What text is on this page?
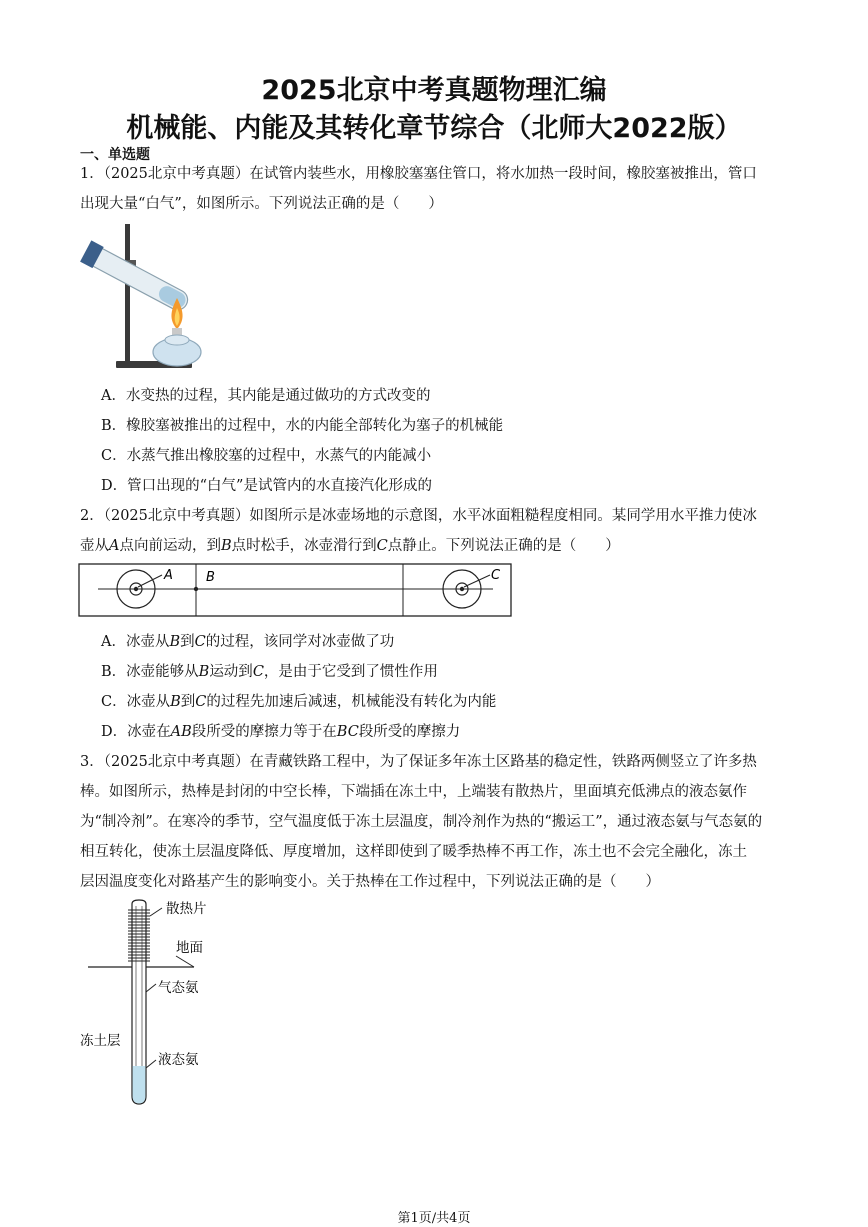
2025北京中考真题物理汇编
机械能、内能及其转化章节综合（北师大2022版）
一、单选题
1．（2025北京中考真题）在试管内装些水，用橡胶塞塞住管口，将水加热一段时间，橡胶塞被推出，管口
出现大量“白气”，如图所示。下列说法正确的是（　　）
A．水变热的过程，其内能是通过做功的方式改变的
B．橡胶塞被推出的过程中，水的内能全部转化为塞子的机械能
C．水蒸气推出橡胶塞的过程中，水蒸气的内能减小
D．管口出现的“白气”是试管内的水直接汽化形成的
2．（2025北京中考真题）如图所示是冰壶场地的示意图，水平冰面粗糙程度相同。某同学用水平推力使冰
壶从A点向前运动，到B点时松手，冰壶滑行到C点静止。下列说法正确的是（　　）
A	B	C
A．冰壶从B到C的过程，该同学对冰壶做了功
B．冰壶能够从B运动到C，是由于它受到了惯性作用
C．冰壶从B到C的过程先加速后减速，机械能没有转化为内能
D．冰壶在AB段所受的摩擦力等于在BC段所受的摩擦力
3．（2025北京中考真题）在青藏铁路工程中，为了保证多年冻土区路基的稳定性，铁路两侧竖立了许多热
棒。如图所示，热棒是封闭的中空长棒，下端插在冻土中，上端装有散热片，里面填充低沸点的液态氨作
为“制冷剂”。在寒冷的季节，空气温度低于冻土层温度，制冷剂作为热的“搬运工”，通过液态氨与气态氨的
相互转化，使冻土层温度降低、厚度增加，这样即使到了暖季热棒不再工作，冻土也不会完全融化，冻土
层因温度变化对路基产生的影响变小。关于热棒在工作过程中，下列说法正确的是（　　）
散热片
地面
气态氨
冻土层
液态氨
第1页/共4页
